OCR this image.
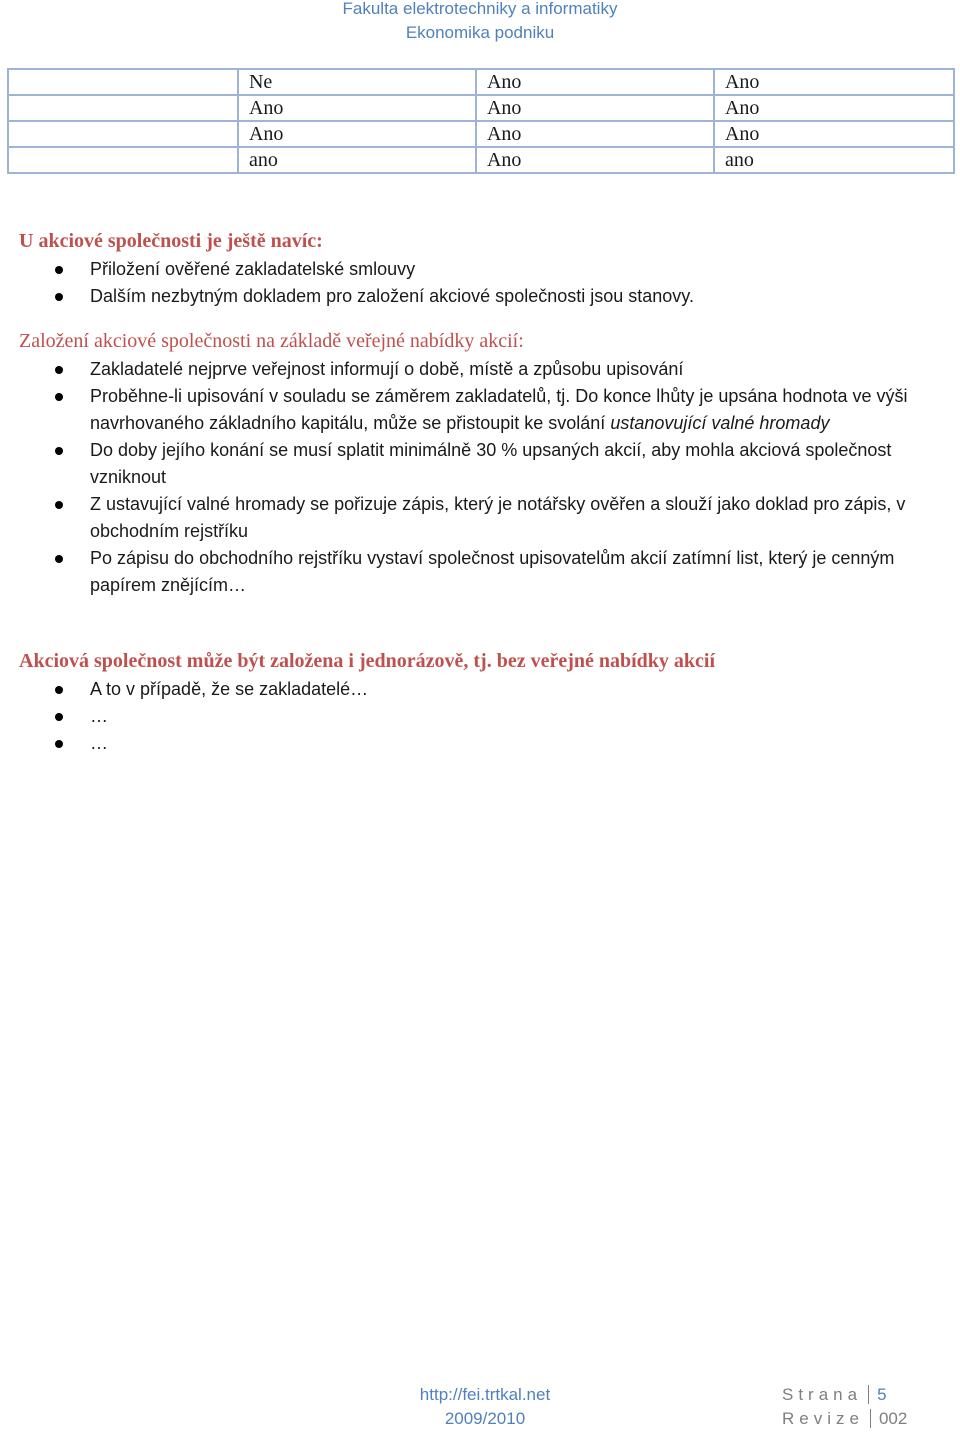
Fakulta elektrotechniky a informatiky
Ekonomika podniku
	Ne	Ano	Ano
	Ano	Ano	Ano
	Ano	Ano	Ano
	ano	Ano	ano
U akciové společnosti je ještě navíc:
Přiložení ověřené zakladatelské smlouvy
Dalším nezbytným dokladem pro založení akciové společnosti jsou stanovy.
Založení akciové společnosti na základě veřejné nabídky akcií:
Zakladatelé nejprve veřejnost informují o době, místě a způsobu upisování
Proběhne-li upisování v souladu se záměrem zakladatelů, tj. Do konce lhůty je upsána hodnota ve výši navrhovaného základního kapitálu, může se přistoupit ke svolání ustanovující valné hromady
Do doby jejího konání se musí splatit minimálně 30 % upsaných akcií, aby mohla akciová společnost vzniknout
Z ustavující valné hromady se pořizuje zápis, který je notářsky ověřen a slouží jako doklad pro zápis, v obchodním rejstříku
Po zápisu do obchodního rejstříku vystaví společnost upisovatelům akcií zatímní list, který je cenným papírem znějícím…
Akciová společnost může být založena i jednorázově, tj. bez veřejné nabídky akcií
A to v případě, že se zakladatelé…
…
…
http://fei.trtkal.net
2009/2010
Strana 5
Revize 002
